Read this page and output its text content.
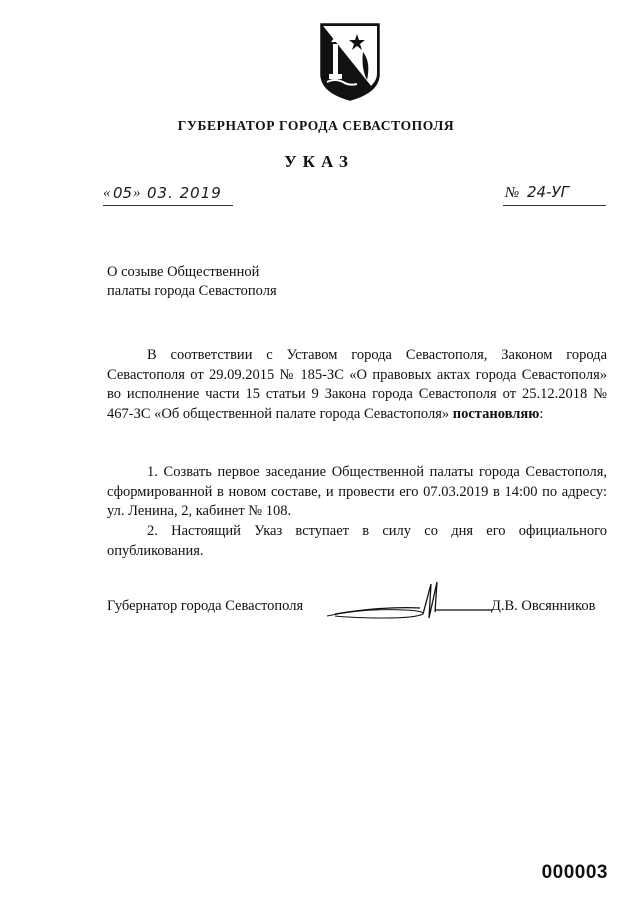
ГУБЕРНАТОР ГОРОДА СЕВАСТОПОЛЯ
УКАЗ
« 05 » 03. 2019	№ 24-УГ
О созыве Общественной
палаты города Севастополя
В соответствии с Уставом города Севастополя, Законом города Севастополя от 29.09.2015 № 185-ЗС «О правовых актах города Севастополя» во исполнение части 15 статьи 9 Закона города Севастополя от 25.12.2018 № 467-ЗС «Об общественной палате города Севастополя» постановляю:
1. Созвать первое заседание Общественной палаты города Севастополя, сформированной в новом составе, и провести его 07.03.2019 в 14:00 по адресу: ул. Ленина, 2, кабинет № 108.
2. Настоящий Указ вступает в силу со дня его официального опубликования.
Губернатор города Севастополя	Д.В. Овсянников
000003
